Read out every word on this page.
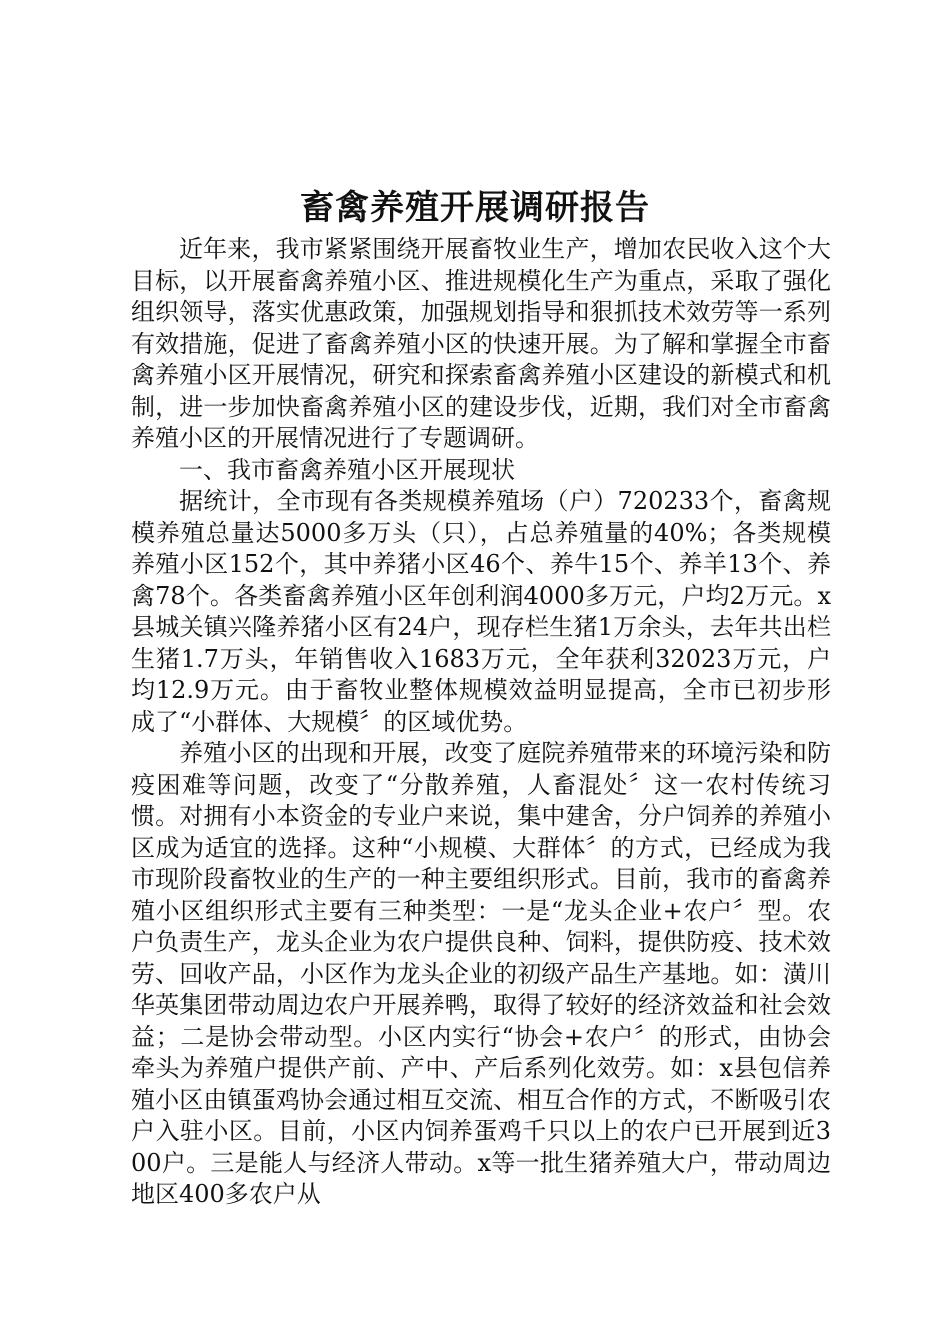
畜禽养殖开展调研报告

近年来，我市紧紧围绕开展畜牧业生产，增加农民收入这个大目标，以开展畜禽养殖小区、推进规模化生产为重点，采取了强化组织领导，落实优惠政策，加强规划指导和狠抓技术效劳等一系列有效措施，促进了畜禽养殖小区的快速开展。为了解和掌握全市畜禽养殖小区开展情况，研究和探索畜禽养殖小区建设的新模式和机制，进一步加快畜禽养殖小区的建设步伐，近期，我们对全市畜禽养殖小区的开展情况进行了专题调研。

一、我市畜禽养殖小区开展现状

据统计，全市现有各类规模养殖场（户）720233个，畜禽规模养殖总量达5000多万头（只），占总养殖量的40%；各类规模养殖小区152个，其中养猪小区46个、养牛15个、养羊13个、养禽78个。各类畜禽养殖小区年创利润4000多万元，户均2万元。x县城关镇兴隆养猪小区有24户，现存栏生猪1万余头，去年共出栏生猪1.7万头，年销售收入1683万元，全年获利32023万元，户均12.9万元。由于畜牧业整体规模效益明显提高，全市已初步形成了“小群体、大规模〞的区域优势。

养殖小区的出现和开展，改变了庭院养殖带来的环境污染和防疫困难等问题，改变了“分散养殖，人畜混处〞这一农村传统习惯。对拥有小本资金的专业户来说，集中建舍，分户饲养的养殖小区成为适宜的选择。这种“小规模、大群体〞的方式，已经成为我市现阶段畜牧业的生产的一种主要组织形式。目前，我市的畜禽养殖小区组织形式主要有三种类型：一是“龙头企业+农户〞型。农户负责生产，龙头企业为农户提供良种、饲料，提供防疫、技术效劳、回收产品，小区作为龙头企业的初级产品生产基地。如：潢川华英集团带动周边农户开展养鸭，取得了较好的经济效益和社会效益；二是协会带动型。小区内实行“协会+农户〞的形式，由协会牵头为养殖户提供产前、产中、产后系列化效劳。如：x县包信养殖小区由镇蛋鸡协会通过相互交流、相互合作的方式，不断吸引农户入驻小区。目前，小区内饲养蛋鸡千只以上的农户已开展到近300户。三是能人与经济人带动。x等一批生猪养殖大户，带动周边地区400多农户从
